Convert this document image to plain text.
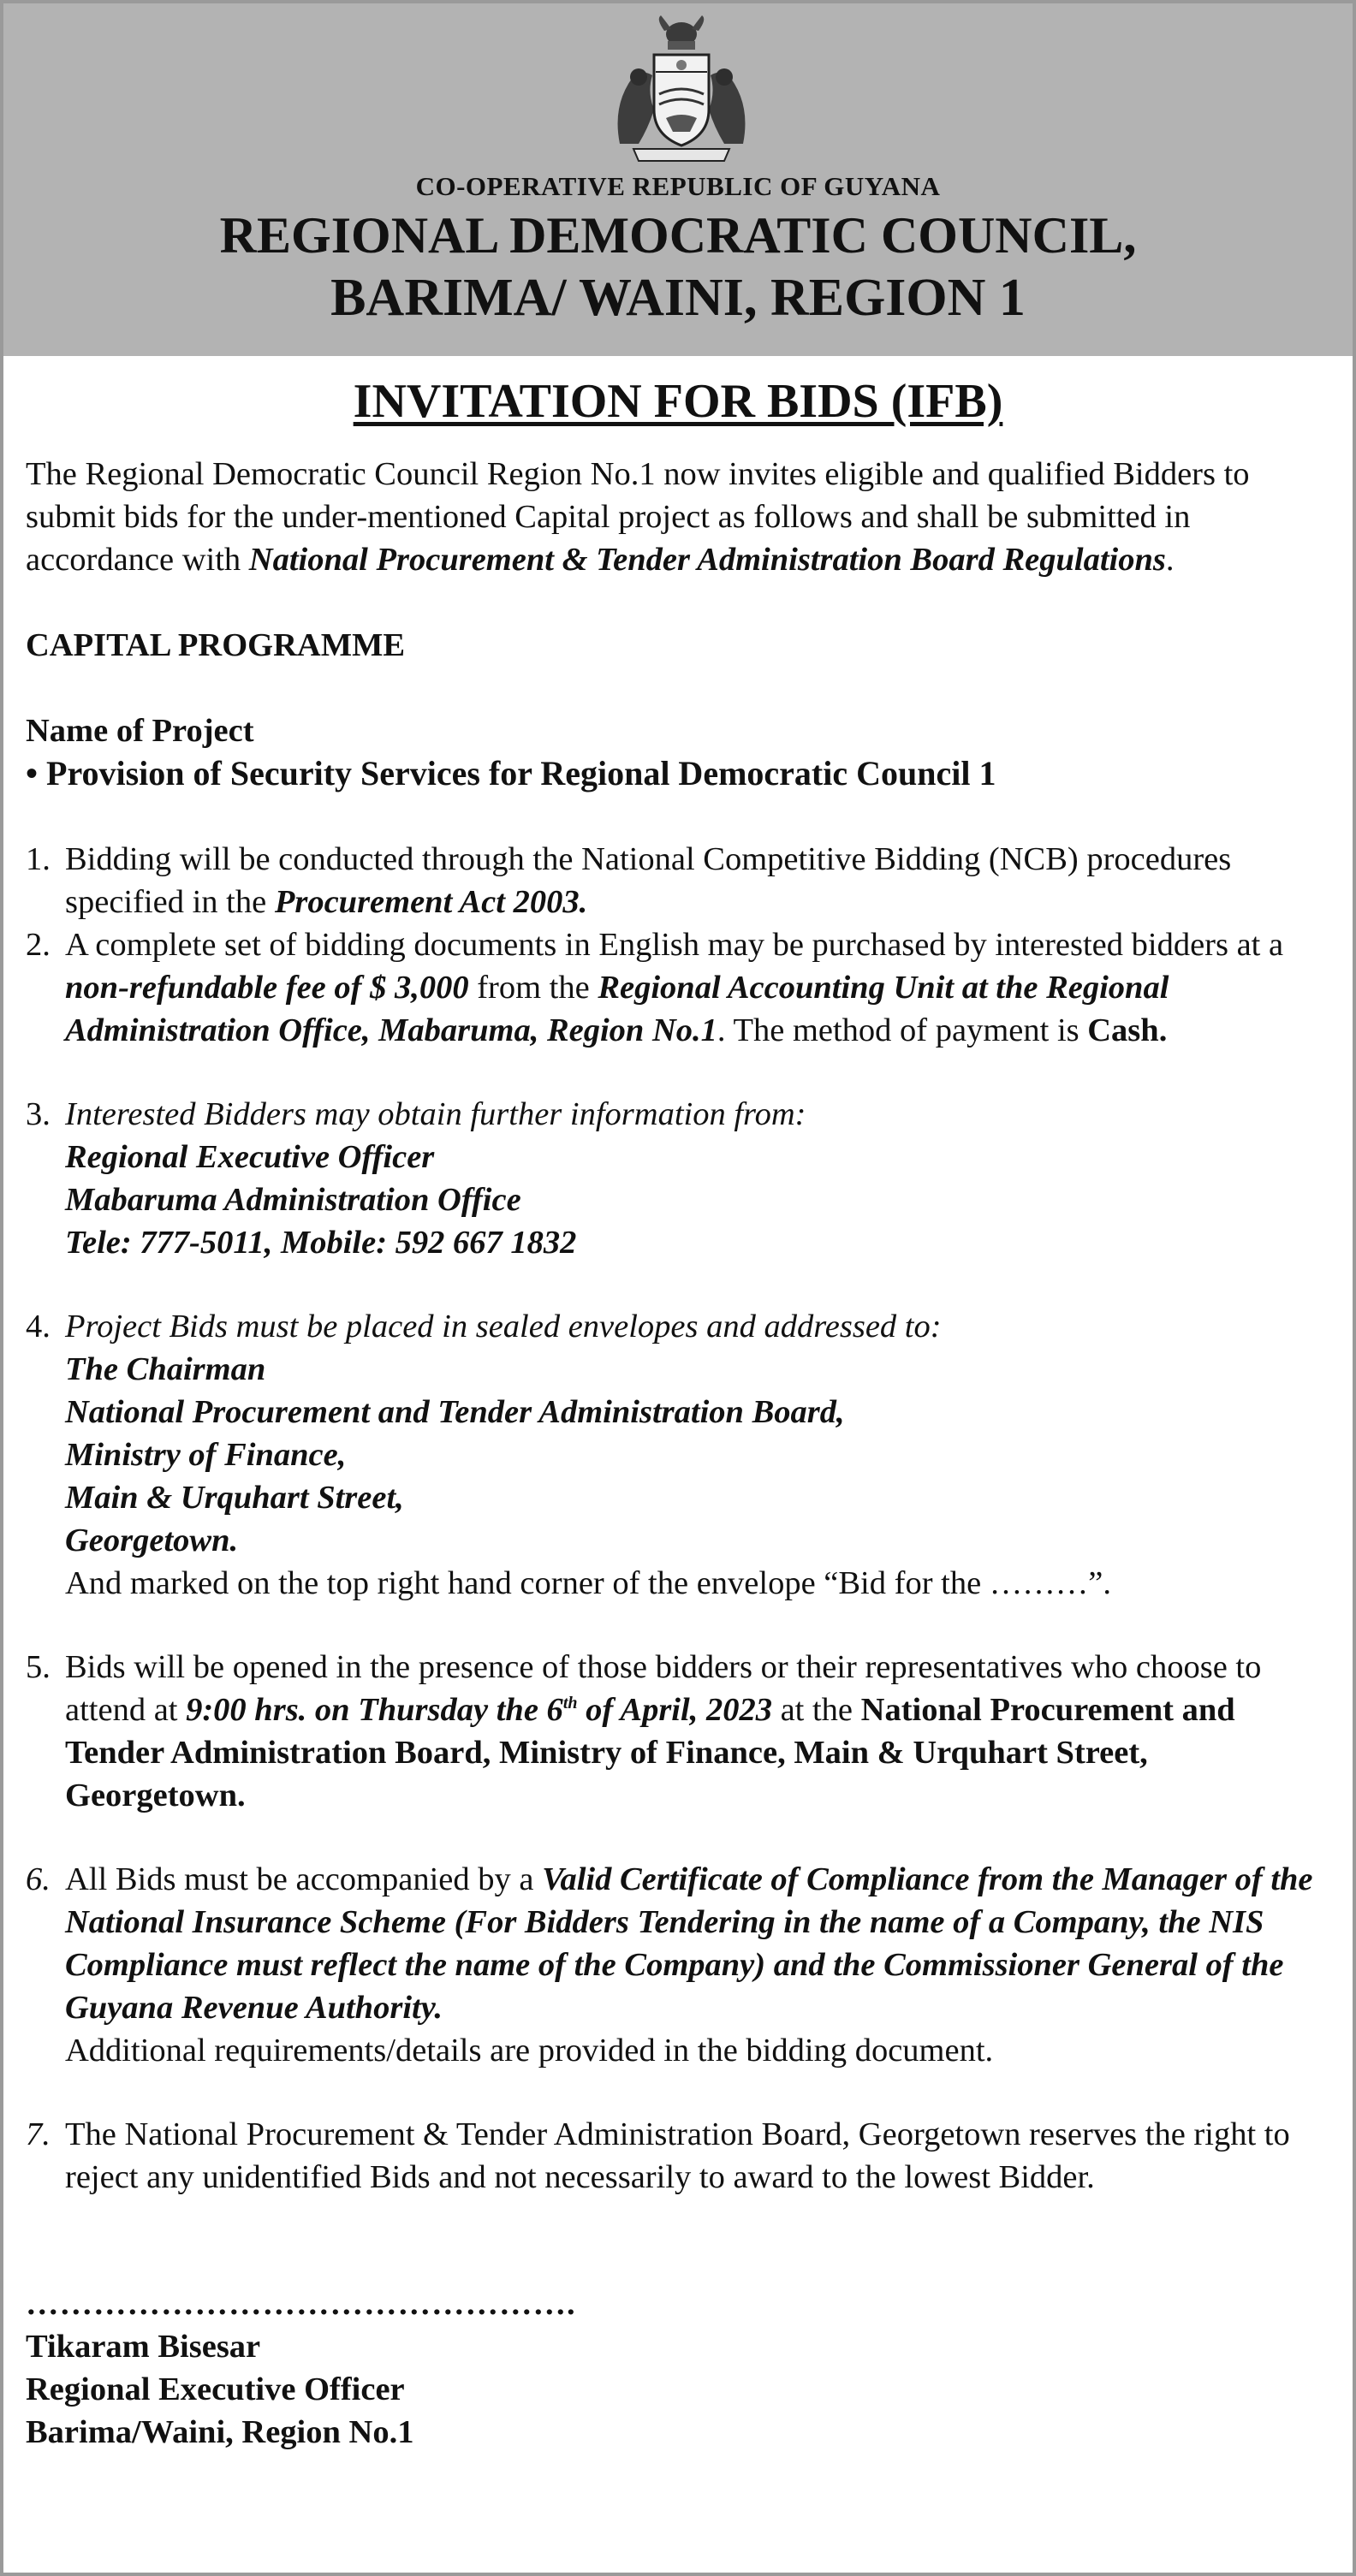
CO-OPERATIVE REPUBLIC OF GUYANA
REGIONAL DEMOCRATIC COUNCIL,
BARIMA/ WAINI, REGION 1
INVITATION FOR BIDS (IFB)

The Regional Democratic Council Region No.1 now invites eligible and qualified Bidders to submit bids for the under-mentioned Capital project as follows and shall be submitted in accordance with National Procurement & Tender Administration Board Regulations.

CAPITAL PROGRAMME

Name of Project

• Provision of Security Services for Regional Democratic Council 1

1. Bidding will be conducted through the National Competitive Bidding (NCB) procedures specified in the Procurement Act 2003.
2. A complete set of bidding documents in English may be purchased by interested bidders at a non-refundable fee of $ 3,000 from the Regional Accounting Unit at the Regional Administration Office, Mabaruma, Region No.1. The method of payment is Cash.
3. Interested Bidders may obtain further information from:

Regional Executive Officer

Mabaruma Administration Office

Tele: 777-5011, Mobile: 592 667 1832

4. Project Bids must be placed in sealed envelopes and addressed to:

The Chairman

National Procurement and Tender Administration Board,

Ministry of Finance,

Main & Urquhart Street,

Georgetown.

And marked on the top right hand corner of the envelope “Bid for the ………”.

5. Bids will be opened in the presence of those bidders or their representatives who choose to attend at 9:00 hrs. on Thursday the 6th of April, 2023 at the National Procurement and Tender Administration Board, Ministry of Finance, Main & Urquhart Street, Georgetown.
6. All Bids must be accompanied by a Valid Certificate of Compliance from the Manager of the National Insurance Scheme (For Bidders Tendering in the name of a Company, the NIS Compliance must reflect the name of the Company) and the Commissioner General of the Guyana Revenue Authority.
Additional requirements/details are provided in the bidding document.
7. The National Procurement & Tender Administration Board, Georgetown reserves the right to reject any unidentified Bids and not necessarily to award to the lowest Bidder.

………………………………………….

Tikaram Bisesar

Regional Executive Officer

Barima/Waini, Region No.1
